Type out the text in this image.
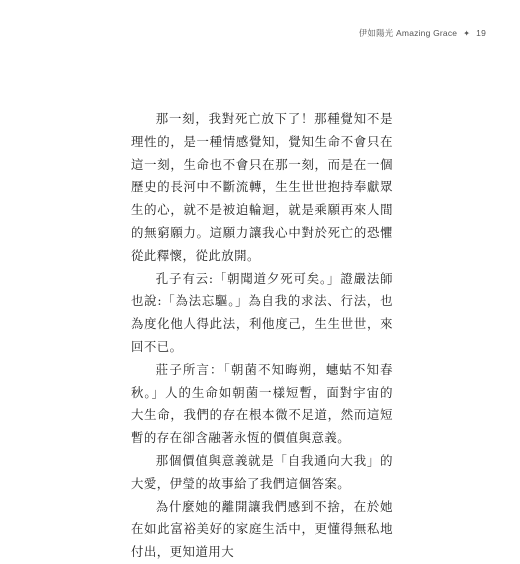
伊如陽光 Amazing Grace ✦ 19

那一刻，我對死亡放下了！那種覺知不是理性的，是一種情感覺知，覺知生命不會只在這一刻，生命也不會只在那一刻，而是在一個歷史的長河中不斷流轉，生生世世抱持奉獻眾生的心，就不是被迫輪迴，就是乘願再來人間的無窮願力。這願力讓我心中對於死亡的恐懼從此釋懷，從此放開。

孔子有云:「朝聞道夕死可矣。」證嚴法師也說:「為法忘驅。」為自我的求法、行法，也為度化他人得此法，利他度己，生生世世，來回不已。

莊子所言：「朝菌不知晦朔，蟪蛄不知春秋。」人的生命如朝菌一樣短暫，面對宇宙的大生命，我們的存在根本微不足道，然而這短暫的存在卻含融著永恆的價值與意義。

那個價值與意義就是「自我通向大我」的大愛，伊瑩的故事給了我們這個答案。

為什麼她的離開讓我們感到不捨，在於她在如此富裕美好的家庭生活中，更懂得無私地付出，更知道用大
